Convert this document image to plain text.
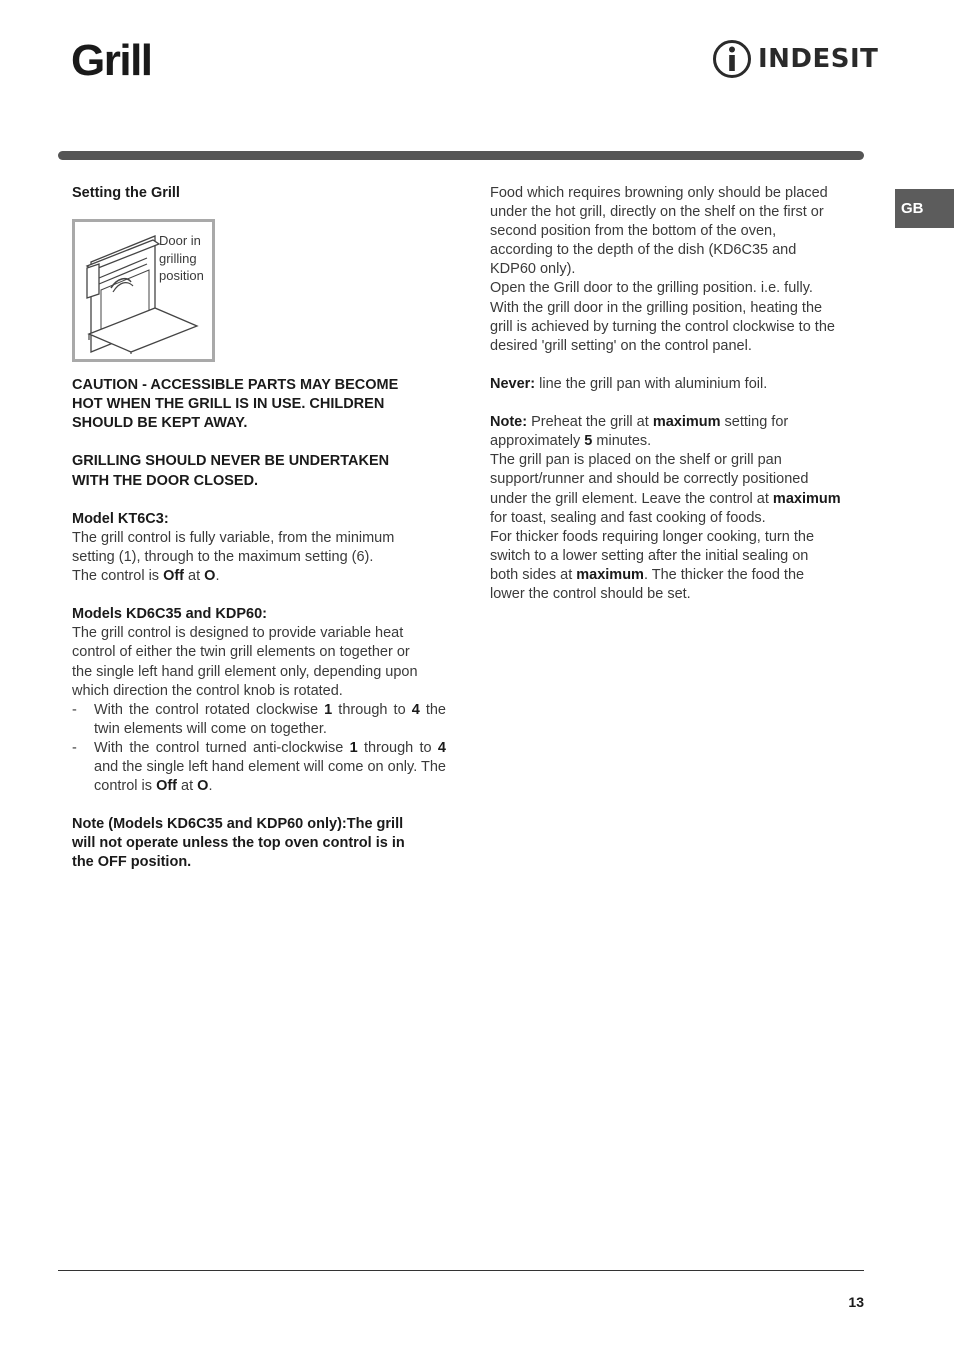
Grill	INDESIT
GB

Setting the Grill

Door in
grilling
position
CAUTION - ACCESSIBLE PARTS MAY BECOME
HOT WHEN THE GRILL IS IN USE. CHILDREN
SHOULD BE KEPT AWAY.
GRILLING SHOULD NEVER BE UNDERTAKEN
WITH THE DOOR CLOSED.

Model KT6C3:

The grill control is fully variable, from the minimum

setting (1), through to the maximum setting (6).

The control is Off at O.

Models KD6C35 and KDP60:

The grill control is designed to provide variable heat

control of either the twin grill elements on together or

the single left hand grill element only, depending upon

which direction the control knob is rotated.

- With the control rotated clockwise 1 through to 4 the twin elements will come on together.
- With the control turned anti-clockwise 1 through to 4 and the single left hand element will come on only. The control is Off at O.
Note (Models KD6C35 and KDP60 only):The grill
will not operate unless the top oven control is in
the OFF position.

Food which requires browning only should be placed

under the hot grill, directly on the shelf on the first or

second position from the bottom of the oven,

according to the depth of the dish (KD6C35 and

KDP60 only).

Open the Grill door to the grilling position. i.e. fully.

With the grill door in the grilling position, heating the

grill is achieved by turning the control clockwise to the

desired 'grill setting' on the control panel.

Never: line the grill pan with aluminium foil.

Note: Preheat the grill at maximum setting for

approximately 5 minutes.

The grill pan is placed on the shelf or grill pan

support/runner and should be correctly positioned

under the grill element. Leave the control at maximum

for toast, sealing and fast cooking of foods.

For thicker foods requiring longer cooking, turn the

switch to a lower setting after the initial sealing on

both sides at maximum. The thicker the food the

lower the control should be set.

13
